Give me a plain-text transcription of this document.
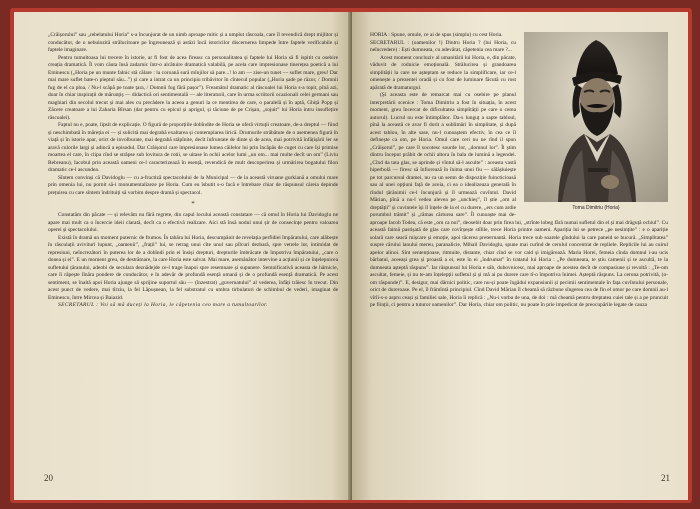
„Crăișorului” sau „rebelatului Horia” s-a încunjurat de un nimb aproape mitic și a umplut răscoala, care îl revendică drept mijlitor și conducător, de o nebulozită strălucitoare pe îngreunează și astăzi încă istoricilor discernerea limpede între faptele verificabile și faptele imaginare.

Pentru tumultoasa lui trecere în istorie, ar fi fost de acea fireasc ca personalitatea și faptele lui Horia să fi ispitit cu osebire creația dramatică. Îl vom căuta însă zadarnic într-o alcătuire dramatică valabilă, pe acela care impresionase tinerețea poetică a lui Eminescu („Horia pe un munte falnic stă călare : la coroană sură mînjilor să pare...! lo am — zise-un tunet — suflet mare, greu! Dar mai mare suflet bate-n pieptul său...”) și care a intrat ca un principiu tribăvitor în cîntecul popular („Horia șade pe răzor, / Domnii fug de el ca ploa, / Nu-l scăpă pe toate țara, / Domnii fug fără pașor”). Freamătul dramatic al răscoalei lui Horia s-a topit, pînă azi, doar în chiar inspirații de mărunțiș — didactică ori sentimentală — ale literaturii, care în urma scriitorii ocazionali celei germani sau maghiari din secolul trecut și mai ales cu precădere la aceea a genuri la ce mentirea de care, o paralelă și în aptă, Ghiță Popp și Zăcere creatoare a lui Zaharia Bîrsan (dar pentru cu epicul și aprigul, și tăciune de pe Crișan, „sojuit” lui Horia intru insuflețire răscoalei).

Faptul nu e, poate, lipsit de explicație. O figură de proporțiile dobîndite de Horia se oferă virtuții creatoare, de-a dreptul — fiind și neschimbată în măreția ei — și solicită mai degrabă exaltarea și contemplarea lirică. Drumurile străbătute de o asemenea figură în viață și în istorie apar, orict de involburate, mai degrabă stăpînite, decît înfruntate de dinte și de acea, mai potrivită înfățișării ler se aravă culorile largi și adincă a episodul. Dar Crăișorul care impresionase lumea căilelor lui prin încăpăs de cuget cu care își primise moartea el care, în clipa cînd se străpse sub lovitura de rotii, se uitase în ochii acelor lumi „un om... mai multe decît un om” (Liviu Rebreanu), Iacobul prin această oameni ce-l caracterizează în esență, revendică de mult descoperirea și urmărirea bogatului filon dramatic ce-l ascundea.

Sîntem convinși că Davidoglu — cu a-fructiză spectacolului de la Municipal — de la această viruane gurkiană a omului mare prin omenia lui, nu pornit să-i monumentalizeze pe Horia. Cum eu îsbutit s-o facă e întrebare chiar de răspunsul căreia depinde prețuirea cu care sîntem îndrituiți să vorbim despre dramă și spectacol.

*

Constatăm din păcate — și relevăm nu fără regrete, din capul locului această constatare — că omul în Horia lui Davidoglu ne apare mai mult ca o încercie ideii clarată, decît ca o efectivă realizare. Aici stă însă nodul unui șir de consecințe pentru valoarea operei și spectacolului.

Există în dramă un moment puternic de frumos. În tabăra lui Horia, descumpănit de revelația perfidiei împăratului, care alăbește în răsculații aviviturl lupunt, „oamenii”, „frații” lui, se retrag unui cîte unul sau pîlcuri dezbară, spre vetrele lor, intimidat de represiuni, neîncrezători în puterea lor de a dobîndi prin ei însiși drepturi, drepturile îmbrăcate de împotriva împăratului, „care o donea și ei”. E un moment greu, de destrămare, la care Horia este salvat. Mai mare, asemănător intervine a acțiunii și ce înțelepnicea sufletului țăranului, adeobi de seculara deznădejde ce-l trage înapoi spre resemnare și supunere. Semnificativă aceasta de hărnicie, care îi răpește lînăra pondere de conducător, e în adevăr de profundă esență umană și de o profundă esență dramatică. Pe acest sentiment, se înaltă apoi Horia ajunge să sprijine suportul său — (înzestrat) „guvernatului” al vederea, înfăți trăiesc în trecut. Din acest punct de vedere, mai tîrziu, la fel Lăpușnean, la fel substratul cu umbra tirbulatori de schimbul de vederi, imaginat de Eminescu, între Mircea și Baiazid.

SECRETARUL : Voi să mă duceți la Horia, le căpetenia ceo mare a tumultoarilor.

20
Toma Dimitriu (Horia)

HORIA : Spune, omule, ce ai de spus (simplu) cu cest Horia.

SECRETARUL : (oamenilor !) Dintru Horia ? (lui Horia, cu neîncredere) : Ești dumneata, cu adevărat, căpetenia cea mare ?...

Acest moment concluziv al umanitării lui Horia, e, din păcate, văduvit de rodnicie emoțională. Strălucirea și grandoarea simplității la care ne așteptam se reduce la simplificare, iar ce-l omenește a prezentei oradă și cu fost de luminare făcută cu rost apărată de dramaturgul.

(Și aceasta este de remarcat mai cu osebire pe planul interpretării scenice : Toma Dimitriu a fost în situația, în acest moment, greu încercat de dificultatea simplității pe care o cerea autorul). Lucrul nu este întimplător. Da-s lunguț a sapte tabloul, pînă la această ce avar fi dorit a sublimări în simplitate, și după acest tablou, în alte sase, nu-l cunoaștem efectiv, în cea ce îl definește ca om, pe Horia. Omul care ceri nu ne rînd il spun „Crăișorul”, pe care îl socotesc sourde lor, „domnul lor”. Îl știm dintru început prăbit de ochii altora în bala de lumină a legendei. „Cînd da tata glas, se aprinde și vîntul să-l asculte” : aceasta vastă hiperbolă — firesc să înfiorează în înima unui fiu — sălășluiește pe tot parcursul dramei, nu ca un semn de dispoziție fuincticioasă sau al unei opțiuni față de aceia, ci ea o idealizeaza generală în rîndul țărănimii ce-l încunjură și îl urmează cuvîntul. David Mărian, pînă a nu-l vedea alevea pe „unchieș”, îl știe „om al dreptății” și cuvintele își îl înțele de la el cu durere, „ers cum ardie porumbul trămit” și „rămas cărturea sare”. Îl cunoaște mai de-aproape Iacob Todea, că este „om ca noi”, deosebit doar prin firea lui, „strînte lobeg fără numai sufletul din el și mai drăguță ochiul”. Cu această faimă pastișată de glas care covîrșește stîlile, trece Horia printre oameni. Apariția lui se petrece „pe nesimțite” : e o apariție solară care seacă mișcare și emoție, apoi tăcerea pretermantă. Horia trece sub soarele gîndului la care paneid se bucură. „Simplitatea” suspre cărului lanului mereu, paranalicie, Mihail Davidoglu, spune mai curînd de cerulul concentrat de repliele. Replicile lui au cuirul apelor alinoi. Sînt sentențioase, ritmuite, distante, chiar cînd se vor cald și imigărează. Maria Horei, femeia cînda domnul i-au ucis bărbatul, aceeași grea și proastă a ei, este în ei „îndrumat” în tratatul lui Horia : „Pe dumneata, te știu camenii și te ascultă, te la dumneata așteptă răspuns”. Iar răspunsul lui Horia e săb, dubovnicesc, mai aproape de acestea decît de compasiune și revoltă : „Te-om ascultat, femeie, și nu te-am înțelepții sufletul și și mă ai pu durere care tî-o împotriva înimei. Așteptă răspuns. La cerona potrivită, (o-om răspunde)”. E, desigur, mai dărnici politic, care nu-și poate îngădui expansiunii și pecimii sentimentale în fața cuvîntului personale, orict de dureroase. Pe el, îl frămîntă principiul. Cînd David Mărian îl cheamă să răzbune sîngerea cea de fin el omor pe care domnii au-l vîrîi-s-o aspru ceași și familiei sale, Horia îi replică : „Nu-i vorba de una, de doi : mă cheamă pentru dreptatea cuiei tale și a pe pruncuit pe ființii, ci pentru a tuturor oamenilor”. Dar Horia, chiar om politic, nu poate în prie impedicat de preocupările legate de cauza

21
